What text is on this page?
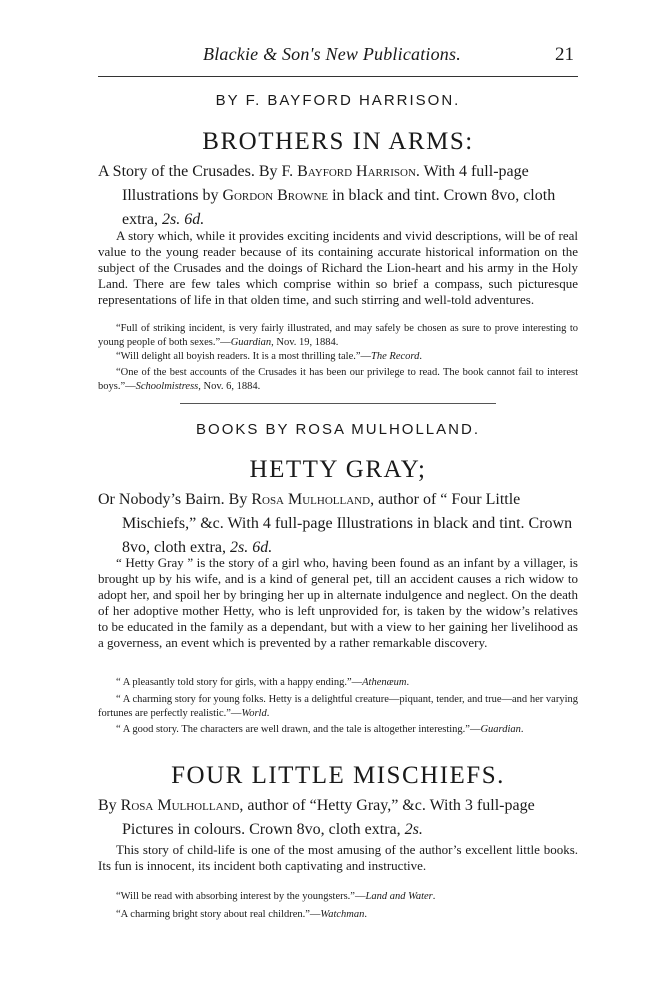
Blackie & Son's New Publications.	21
BY F. BAYFORD HARRISON.
BROTHERS IN ARMS:
A Story of the Crusades. By F. Bayford Harrison. With 4 full-page Illustrations by Gordon Browne in black and tint. Crown 8vo, cloth extra, 2s. 6d.
A story which, while it provides exciting incidents and vivid descriptions, will be of real value to the young reader because of its containing accurate historical information on the subject of the Crusades and the doings of Richard the Lion-heart and his army in the Holy Land. There are few tales which comprise within so brief a compass, such picturesque representations of life in that olden time, and such stirring and well-told adventures.
“Full of striking incident, is very fairly illustrated, and may safely be chosen as sure to prove interesting to young people of both sexes.”—Guardian, Nov. 19, 1884.
“Will delight all boyish readers. It is a most thrilling tale.”—The Record.
“One of the best accounts of the Crusades it has been our privilege to read. The book cannot fail to interest boys.”—Schoolmistress, Nov. 6, 1884.
BOOKS BY ROSA MULHOLLAND.
HETTY GRAY;
Or Nobody’s Bairn. By Rosa Mulholland, author of “ Four Little Mischiefs,” &c. With 4 full-page Illustrations in black and tint. Crown 8vo, cloth extra, 2s. 6d.
“ Hetty Gray ” is the story of a girl who, having been found as an infant by a villager, is brought up by his wife, and is a kind of general pet, till an accident causes a rich widow to adopt her, and spoil her by bringing her up in alternate indulgence and neglect. On the death of her adoptive mother Hetty, who is left unprovided for, is taken by the widow’s relatives to be educated in the family as a dependant, but with a view to her gaining her livelihood as a governess, an event which is prevented by a rather remarkable discovery.
“ A pleasantly told story for girls, with a happy ending.”—Athenæum.
“ A charming story for young folks. Hetty is a delightful creature—piquant, tender, and true—and her varying fortunes are perfectly realistic.”—World.
“ A good story. The characters are well drawn, and the tale is altogether interesting.”—Guardian.
FOUR LITTLE MISCHIEFS.
By Rosa Mulholland, author of “Hetty Gray,” &c. With 3 full-page Pictures in colours. Crown 8vo, cloth extra, 2s.
This story of child-life is one of the most amusing of the author’s excellent little books. Its fun is innocent, its incident both captivating and instructive.
“Will be read with absorbing interest by the youngsters.”—Land and Water.
“A charming bright story about real children.”—Watchman.
